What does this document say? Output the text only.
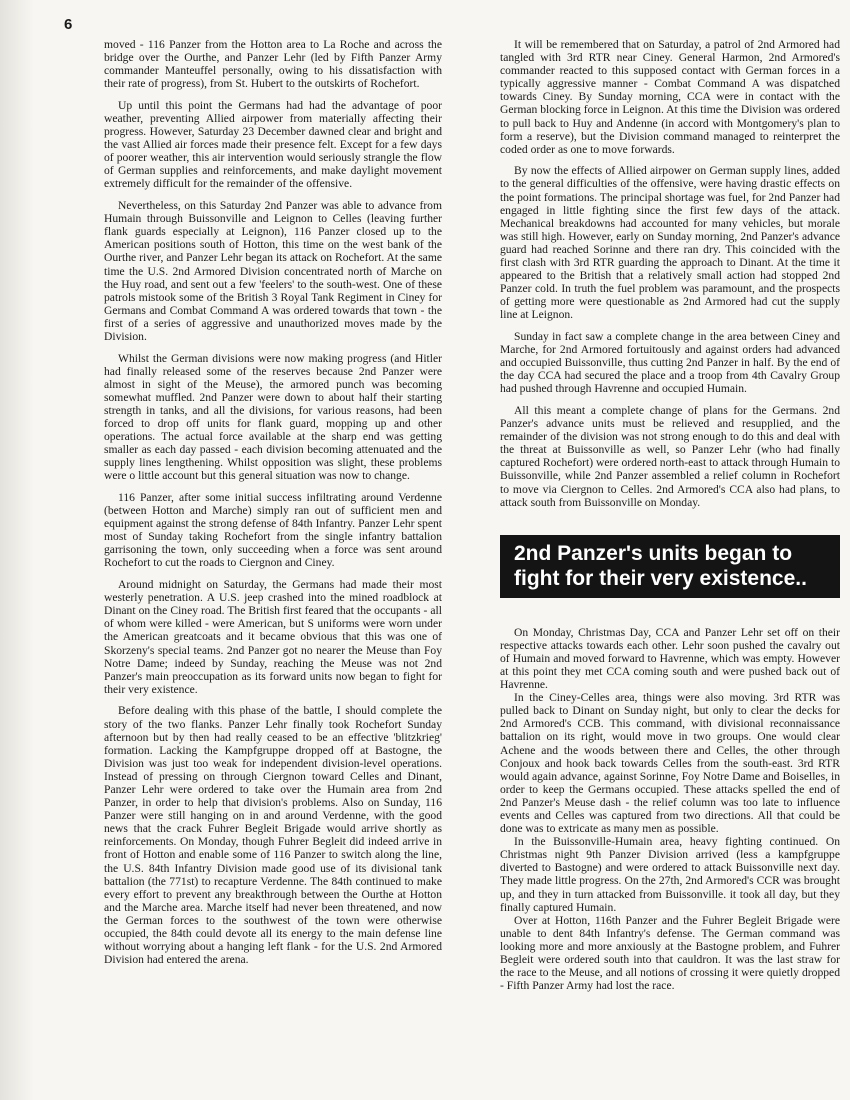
6

moved - 116 Panzer from the Hotton area to La Roche and across the bridge over the Ourthe, and Panzer Lehr (led by Fifth Panzer Army commander Manteuffel personally, owing to his dissatisfaction with their rate of progress), from St. Hubert to the outskirts of Rochefort.

Up until this point the Germans had had the advantage of poor weather, preventing Allied airpower from materially affecting their progress. However, Saturday 23 December dawned clear and bright and the vast Allied air forces made their presence felt. Except for a few days of poorer weather, this air intervention would seriously strangle the flow of German supplies and reinforcements, and make daylight movement extremely difficult for the remainder of the offensive.

Nevertheless, on this Saturday 2nd Panzer was able to advance from Humain through Buissonville and Leignon to Celles (leaving further flank guards especially at Leignon), 116 Panzer closed up to the American positions south of Hotton, this time on the west bank of the Ourthe river, and Panzer Lehr began its attack on Rochefort. At the same time the U.S. 2nd Armored Division concentrated north of Marche on the Huy road, and sent out a few 'feelers' to the south-west. One of these patrols mistook some of the British 3 Royal Tank Regiment in Ciney for Germans and Combat Command A was ordered towards that town - the first of a series of aggressive and unauthorized moves made by the Division.

Whilst the German divisions were now making progress (and Hitler had finally released some of the reserves because 2nd Panzer were almost in sight of the Meuse), the armored punch was becoming somewhat muffled. 2nd Panzer were down to about half their starting strength in tanks, and all the divisions, for various reasons, had been forced to drop off units for flank guard, mopping up and other operations. The actual force available at the sharp end was getting smaller as each day passed - each division becoming attenuated and the supply lines lengthening. Whilst opposition was slight, these problems were o little account but this general situation was now to change.

116 Panzer, after some initial success infiltrating around Verdenne (between Hotton and Marche) simply ran out of sufficient men and equipment against the strong defense of 84th Infantry. Panzer Lehr spent most of Sunday taking Rochefort from the single infantry battalion garrisoning the town, only succeeding when a force was sent around Rochefort to cut the roads to Ciergnon and Ciney.

Around midnight on Saturday, the Germans had made their most westerly penetration. A U.S. jeep crashed into the mined roadblock at Dinant on the Ciney road. The British first feared that the occupants - all of whom were killed - were American, but S uniforms were worn under the American greatcoats and it became obvious that this was one of Skorzeny's special teams. 2nd Panzer got no nearer the Meuse than Foy Notre Dame; indeed by Sunday, reaching the Meuse was not 2nd Panzer's main preoccupation as its forward units now began to fight for their very existence.

Before dealing with this phase of the battle, I should complete the story of the two flanks. Panzer Lehr finally took Rochefort Sunday afternoon but by then had really ceased to be an effective 'blitzkrieg' formation. Lacking the Kampfgruppe dropped off at Bastogne, the Division was just too weak for independent division-level operations. Instead of pressing on through Ciergnon toward Celles and Dinant, Panzer Lehr were ordered to take over the Humain area from 2nd Panzer, in order to help that division's problems. Also on Sunday, 116 Panzer were still hanging on in and around Verdenne, with the good news that the crack Fuhrer Begleit Brigade would arrive shortly as reinforcements. On Monday, though Fuhrer Begleit did indeed arrive in front of Hotton and enable some of 116 Panzer to switch along the line, the U.S. 84th Infantry Division made good use of its divisional tank battalion (the 771st) to recapture Verdenne. The 84th continued to make every effort to prevent any breakthrough between the Ourthe at Hotton and the Marche area. Marche itself had never been threatened, and now the German forces to the southwest of the town were otherwise occupied, the 84th could devote all its energy to the main defense line without worrying about a hanging left flank - for the U.S. 2nd Armored Division had entered the arena.

It will be remembered that on Saturday, a patrol of 2nd Armored had tangled with 3rd RTR near Ciney. General Harmon, 2nd Armored's commander reacted to this supposed contact with German forces in a typically aggressive manner - Combat Command A was dispatched towards Ciney. By Sunday morning, CCA were in contact with the German blocking force in Leignon. At this time the Division was ordered to pull back to Huy and Andenne (in accord with Montgomery's plan to form a reserve), but the Division command managed to reinterpret the coded order as one to move forwards.

By now the effects of Allied airpower on German supply lines, added to the general difficulties of the offensive, were having drastic effects on the point formations. The principal shortage was fuel, for 2nd Panzer had engaged in little fighting since the first few days of the attack. Mechanical breakdowns had accounted for many vehicles, but morale was still high. However, early on Sunday morning, 2nd Panzer's advance guard had reached Sorinne and there ran dry. This coincided with the first clash with 3rd RTR guarding the approach to Dinant. At the time it appeared to the British that a relatively small action had stopped 2nd Panzer cold. In truth the fuel problem was paramount, and the prospects of getting more were questionable as 2nd Armored had cut the supply line at Leignon.

Sunday in fact saw a complete change in the area between Ciney and Marche, for 2nd Armored fortuitously and against orders had advanced and occupied Buissonville, thus cutting 2nd Panzer in half. By the end of the day CCA had secured the place and a troop from 4th Cavalry Group had pushed through Havrenne and occupied Humain.

All this meant a complete change of plans for the Germans. 2nd Panzer's advance units must be relieved and resupplied, and the remainder of the division was not strong enough to do this and deal with the threat at Buissonville as well, so Panzer Lehr (who had finally captured Rochefort) were ordered north-east to attack through Humain to Buissonville, while 2nd Panzer assembled a relief column in Rochefort to move via Ciergnon to Celles. 2nd Armored's CCA also had plans, to attack south from Buissonville on Monday.

2nd Panzer's units began to
fight for their very existence..

On Monday, Christmas Day, CCA and Panzer Lehr set off on their respective attacks towards each other. Lehr soon pushed the cavalry out of Humain and moved forward to Havrenne, which was empty. However at this point they met CCA coming south and were pushed back out of Havrenne.

In the Ciney-Celles area, things were also moving. 3rd RTR was pulled back to Dinant on Sunday night, but only to clear the decks for 2nd Armored's CCB. This command, with divisional reconnaissance battalion on its right, would move in two groups. One would clear Achene and the woods between there and Celles, the other through Conjoux and hook back towards Celles from the south-east. 3rd RTR would again advance, against Sorinne, Foy Notre Dame and Boiselles, in order to keep the Germans occupied. These attacks spelled the end of 2nd Panzer's Meuse dash - the relief column was too late to influence events and Celles was captured from two directions. All that could be done was to extricate as many men as possible.

In the Buissonville-Humain area, heavy fighting continued. On Christmas night 9th Panzer Division arrived (less a kampfgruppe diverted to Bastogne) and were ordered to attack Buissonville next day. They made little progress. On the 27th, 2nd Armored's CCR was brought up, and they in turn attacked from Buissonville. it took all day, but they finally captured Humain.

Over at Hotton, 116th Panzer and the Fuhrer Begleit Brigade were unable to dent 84th Infantry's defense. The German command was looking more and more anxiously at the Bastogne problem, and Fuhrer Begleit were ordered south into that cauldron. It was the last straw for the race to the Meuse, and all notions of crossing it were quietly dropped - Fifth Panzer Army had lost the race.
